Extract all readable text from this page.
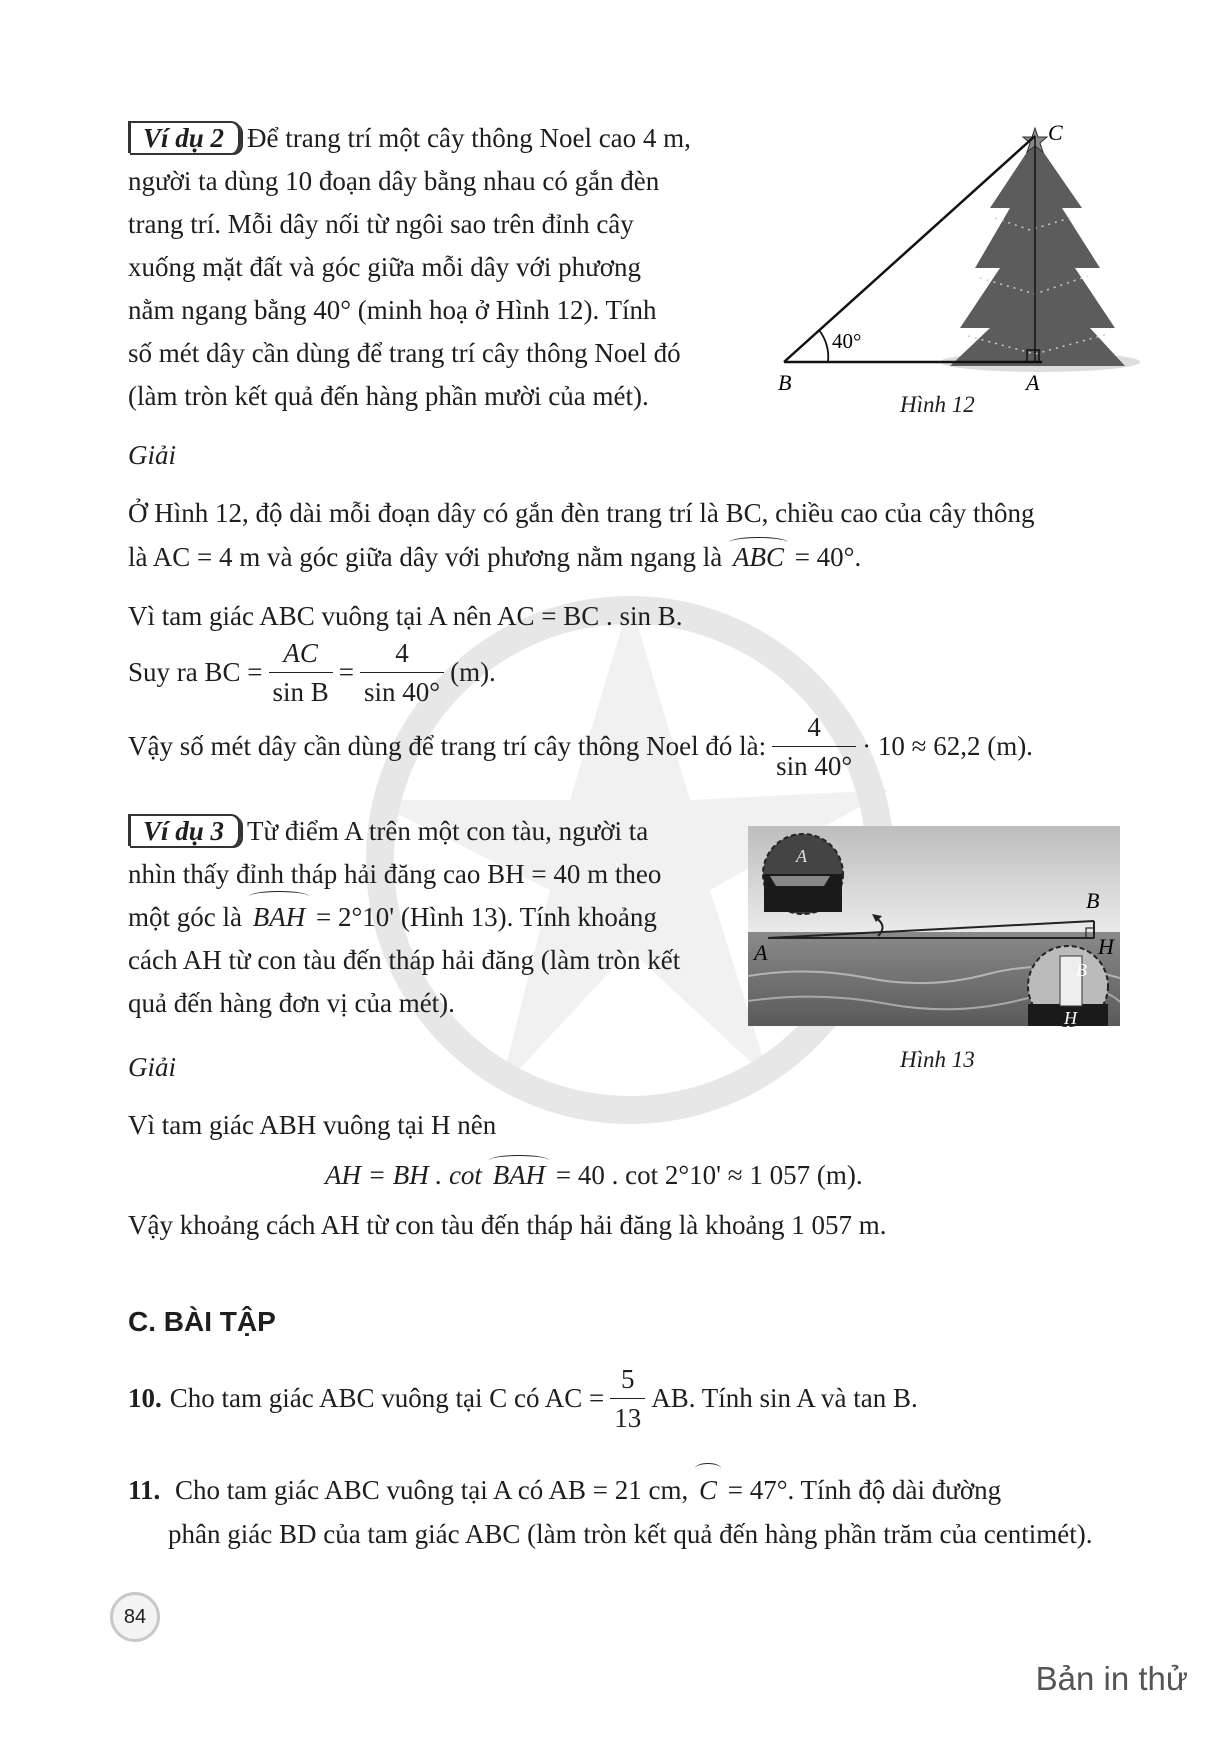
Ví dụ 2 Để trang trí một cây thông Noel cao 4 m,
người ta dùng 10 đoạn dây bằng nhau có gắn đèn
trang trí. Mỗi dây nối từ ngôi sao trên đỉnh cây
xuống mặt đất và góc giữa mỗi dây với phương
nằm ngang bằng 40° (minh hoạ ở Hình 12). Tính
số mét dây cần dùng để trang trí cây thông Noel đó
(làm tròn kết quả đến hàng phần mười của mét).
40°
B	A
C
Hình 12
Giải
Ở Hình 12, độ dài mỗi đoạn dây có gắn đèn trang trí là BC, chiều cao của cây thông
là AC = 4 m và góc giữa dây với phương nằm ngang là ABC = 40°.
Vì tam giác ABC vuông tại A nên AC = BC . sin B.
Suy ra BC = $\frac{AC}{\text{sin B}} = \frac{4}{\sin 40^\circ} (m)$.
Vậy số mét dây cần dùng để trang trí cây thông Noel đó là: $\frac{4}{\sin 40^\circ} \cdot 10 \approx 62,2$ (m).
Ví dụ 3 Từ điểm A trên một con tàu, người ta
nhìn thấy đỉnh tháp hải đăng cao BH = 40 m theo
một góc là BAH = 2°10' (Hình 13). Tính khoảng
cách AH từ con tàu đến tháp hải đăng (làm tròn kết
quả đến hàng đơn vị của mét).
A
B
H
A
B
H
Hình 13
Giải
Vì tam giác ABH vuông tại H nên
AH = BH . cot BAH = 40 . cot 2°10' ≈ 1 057 (m).
Vậy khoảng cách AH từ con tàu đến tháp hải đăng là khoảng 1 057 m.
C. BÀI TẬP
10. Cho tam giác ABC vuông tại C có AC = $\frac{5}{13}$ AB. Tính sin A và tan B.
11. Cho tam giác ABC vuông tại A có AB = 21 cm, C = 47°. Tính độ dài đường
phân giác BD của tam giác ABC (làm tròn kết quả đến hàng phần trăm của centimét).
84
Bản in thử
